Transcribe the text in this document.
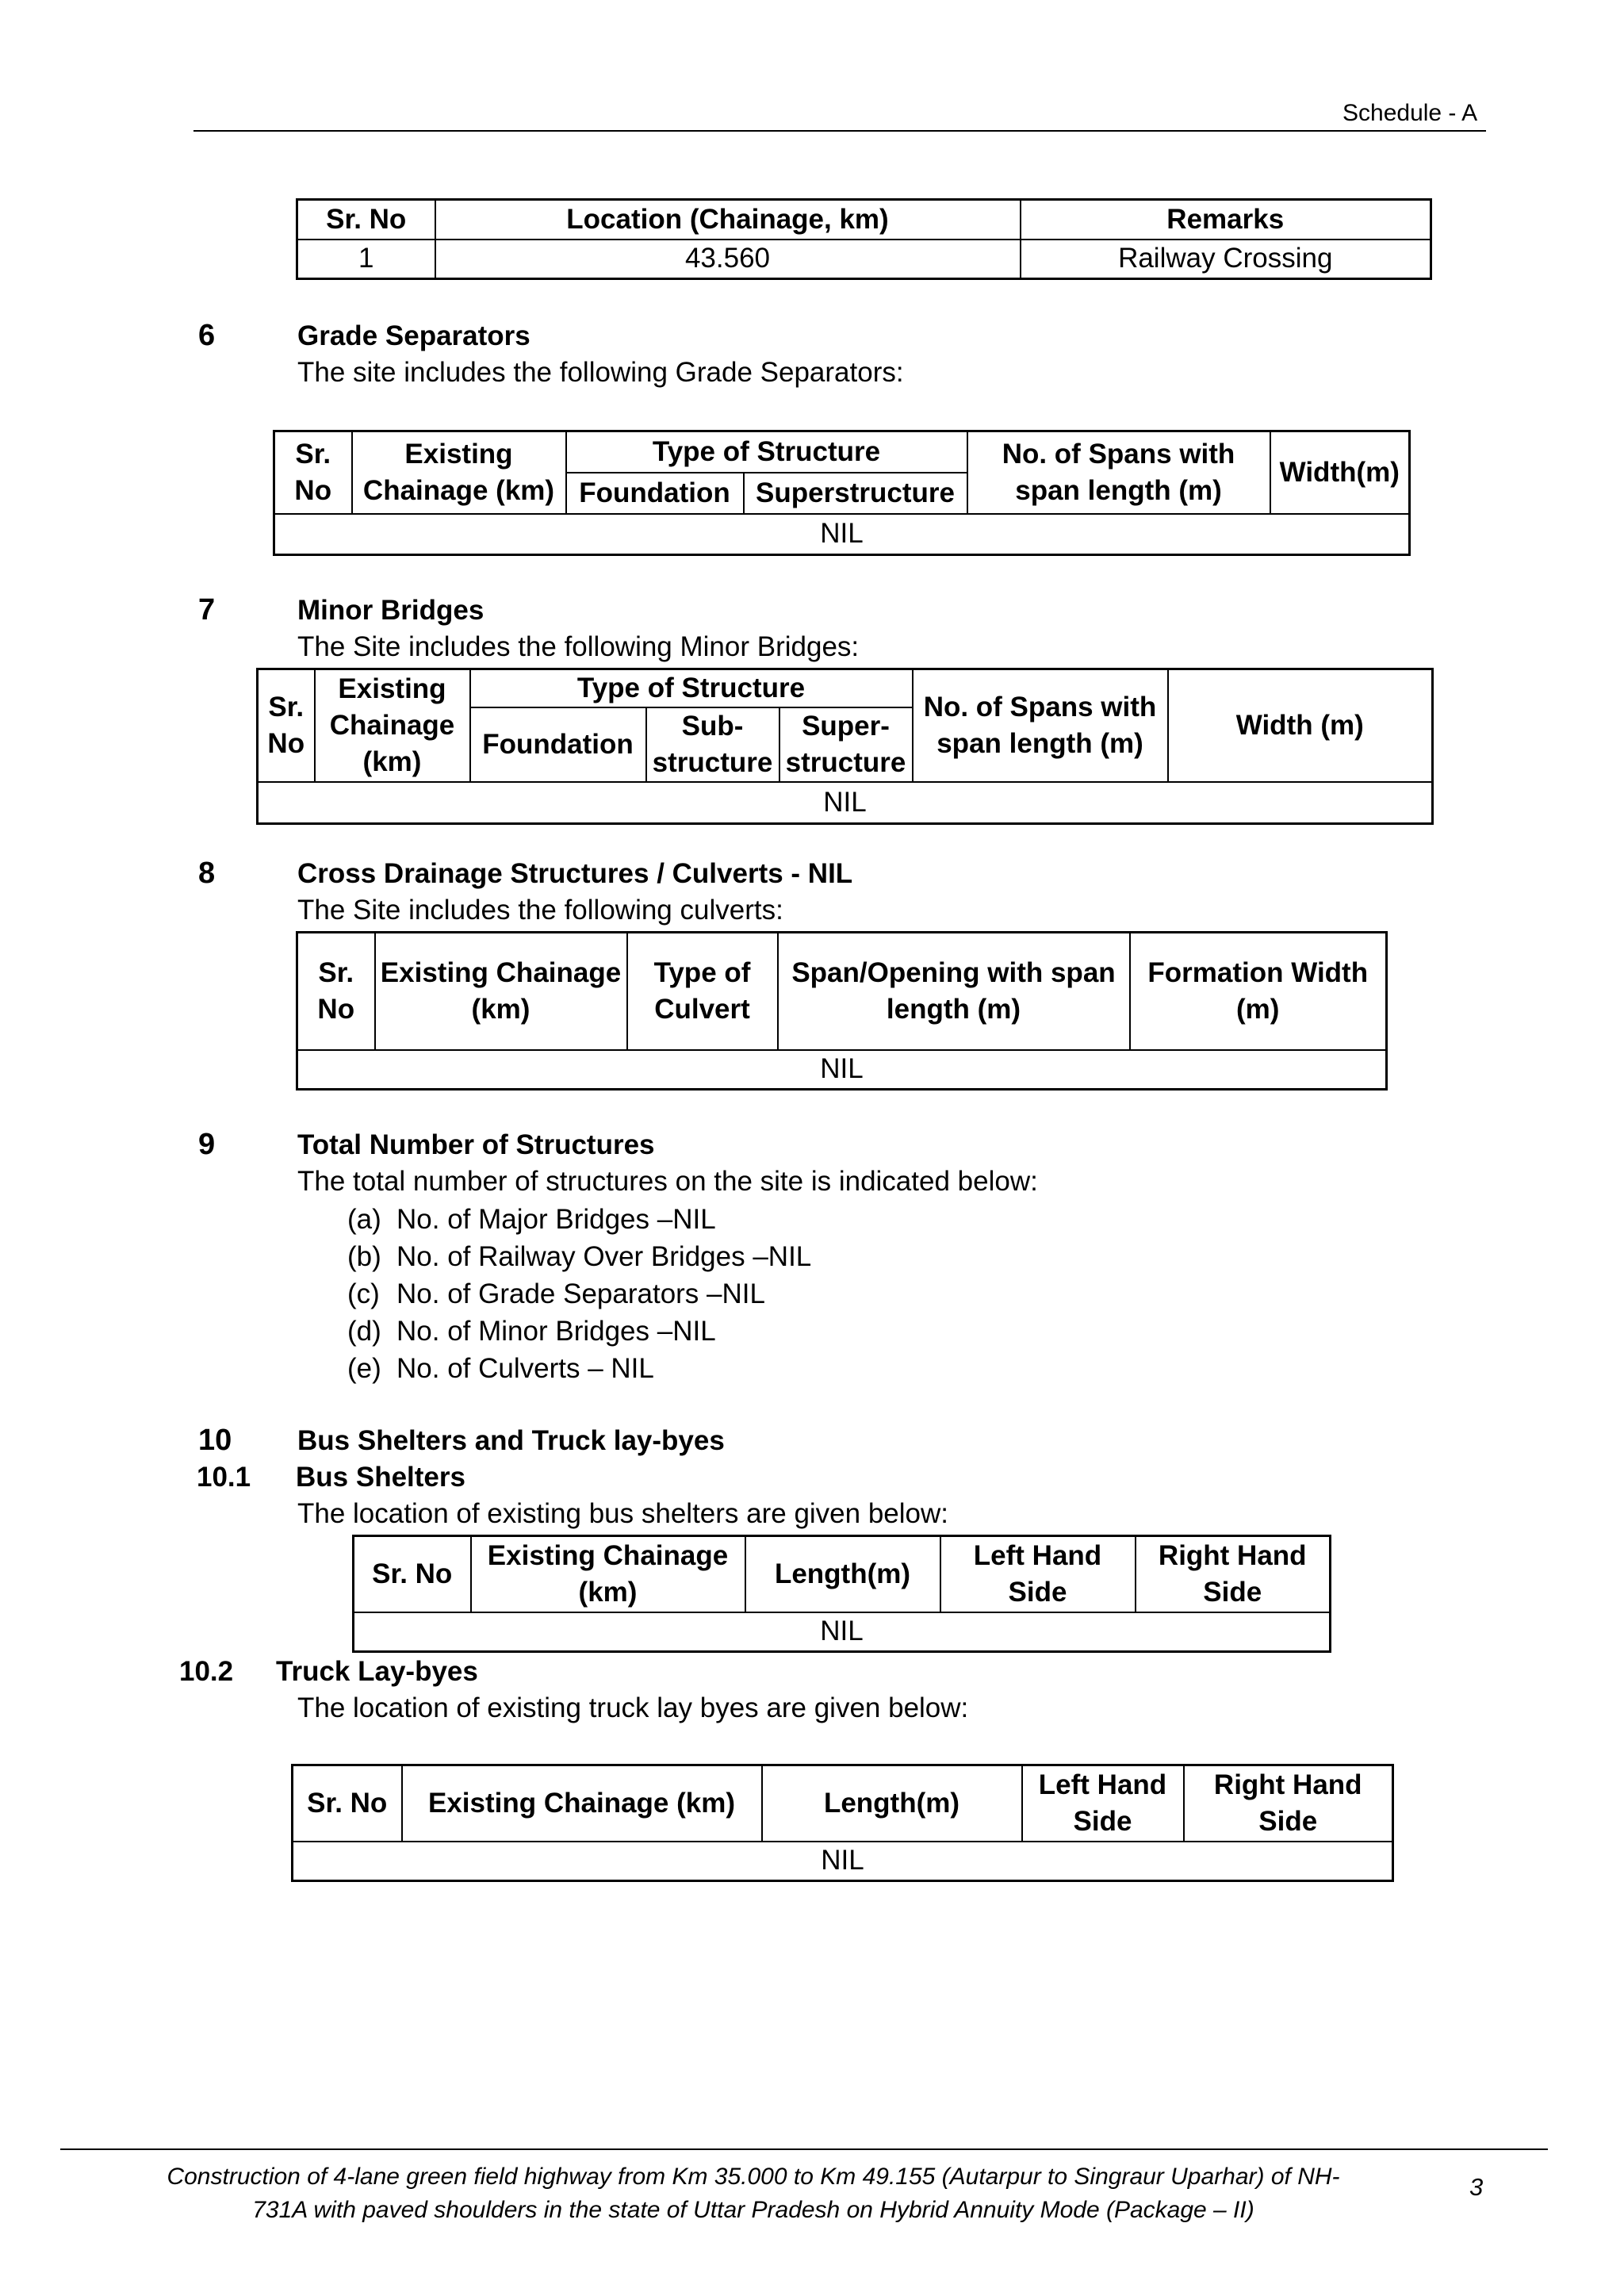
Schedule - A
Sr. No	Location (Chainage, km)	Remarks
1	43.560	Railway Crossing
6	Grade Separators
The site includes the following Grade Separators:
Sr. No	Existing Chainage (km)	Type of Structure		No. of Spans with span length (m)	Width(m)
		Foundation	Superstructure		
NIL					
7	Minor Bridges
The Site includes the following Minor Bridges:
Sr. No	Existing Chainage (km)	Type of Structure			No. of Spans with span length (m)	Width (m)
		Foundation	Sub- structure	Super- structure		
NIL						
8	Cross Drainage Structures / Culverts - NIL
The Site includes the following culverts:
Sr. No	Existing Chainage (km)	Type of Culvert	Span/Opening with span length (m)	Formation Width (m)
NIL
9	Total Number of Structures
The total number of structures on the site is indicated below:
(a) No. of Major Bridges –NIL
(b) No. of Railway Over Bridges –NIL
(c) No. of Grade Separators –NIL
(d) No. of Minor Bridges –NIL
(e) No. of Culverts – NIL
10 Bus Shelters and Truck lay-byes
10.1 Bus Shelters
The location of existing bus shelters are given below:
Sr. No	Existing Chainage (km)	Length(m)	Left Hand Side	Right Hand Side
NIL
10.2 Truck Lay-byes
The location of existing truck lay byes are given below:
Sr. No	Existing Chainage (km)	Length(m)	Left Hand Side	Right Hand Side
NIL
Construction of 4-lane green field highway from Km 35.000 to Km 49.155 (Autarpur to Singraur Uparhar) of NH-
731A with paved shoulders in the state of Uttar Pradesh on Hybrid Annuity Mode (Package – II)
3
